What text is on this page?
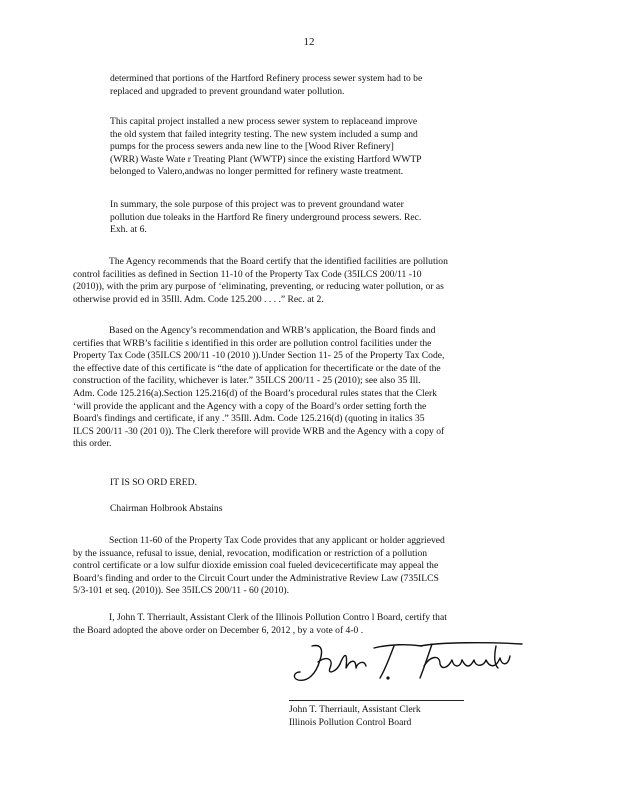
12

determined that portions of the Hartford Refinery process sewer system had to be
replaced and upgraded to prevent groundand water pollution.

This capital project installed a new process sewer system to replaceand improve
the old system that failed integrity testing. The new system included a sump and
pumps for the process sewers anda new line to the [Wood River Refinery]
(WRR) Waste Wate r Treating Plant (WWTP) since the existing Hartford WWTP
belonged to Valero,andwas no longer permitted for refinery waste treatment.

In summary, the sole purpose of this project was to prevent groundand water
pollution due toleaks in the Hartford Re finery underground process sewers. Rec.
Exh. at 6.

The Agency recommends that the Board certify that the identified facilities are pollution
control facilities as defined in Section 11-10 of the Property Tax Code (35ILCS 200/11 -10
(2010)), with the prim ary purpose of ‘eliminating, preventing, or reducing water pollution, or as
otherwise provid ed in 35Ill. Adm. Code 125.200 . . . .” Rec. at 2.

Based on the Agency’s recommendation and WRB’s application, the Board finds and
certifies that WRB’s facilitie s identified in this order are pollution control facilities under the
Property Tax Code (35ILCS 200/11 -10 (2010 )).Under Section 11- 25 of the Property Tax Code,
the effective date of this certificate is “the date of application for thecertificate or the date of the
construction of the facility, whichever is later.” 35ILCS 200/11 - 25 (2010); see also 35 Ill.
Adm. Code 125.216(a).Section 125.216(d) of the Board’s procedural rules states that the Clerk
‘will provide the applicant and the Agency with a copy of the Board’s order setting forth the
Board's findings and certificate, if any .” 35Ill. Adm. Code 125.216(d) (quoting in italics 35
ILCS 200/11 -30 (201 0)). The Clerk therefore will provide WRB and the Agency with a copy of
this order.

IT IS SO ORD ERED.

Chairman Holbrook Abstains

Section 11-60 of the Property Tax Code provides that any applicant or holder aggrieved
by the issuance, refusal to issue, denial, revocation, modification or restriction of a pollution
control certificate or a low sulfur dioxide emission coal fueled devicecertificate may appeal the
Board’s finding and order to the Circuit Court under the Administrative Review Law (735ILCS
5/3-101 et seq. (2010)). See 35ILCS 200/11 - 60 (2010).

I, John T. Therriault, Assistant Clerk of the Illinois Pollution Contro l Board, certify that
the Board adopted the above order on December 6, 2012 , by a vote of 4-0 .

John T. Therriault, Assistant Clerk

Illinois Pollution Control Board
